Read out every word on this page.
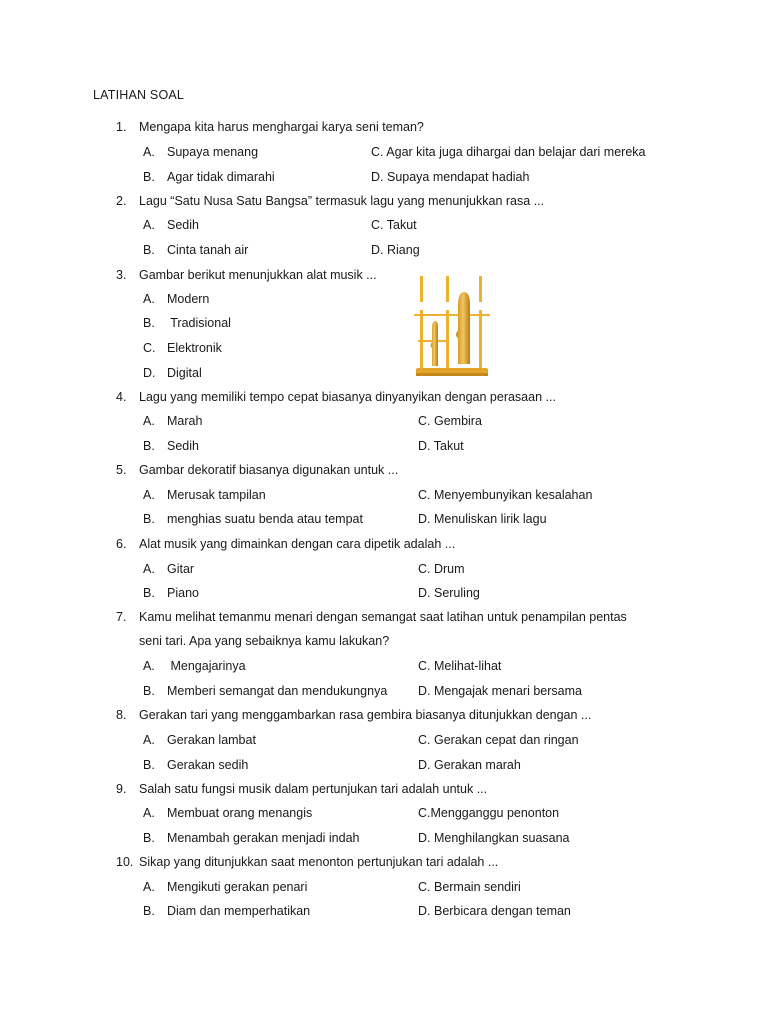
LATIHAN SOAL
1.	Mengapa kita harus menghargai karya seni teman?
A. Supaya menang	C. Agar kita juga dihargai dan belajar dari mereka
B. Agar tidak dimarahi	D. Supaya mendapat hadiah
2.	Lagu “Satu Nusa Satu Bangsa” termasuk lagu yang menunjukkan rasa ...
A. Sedih	C. Takut
B. Cinta tanah air	D. Riang
3.	Gambar berikut menunjukkan alat musik ...
A. Modern
B. Tradisional
C. Elektronik
D. Digital
4.	Lagu yang memiliki tempo cepat biasanya dinyanyikan dengan perasaan ...
A. Marah	C. Gembira
B. Sedih	D. Takut
5.	Gambar dekoratif biasanya digunakan untuk ...
A. Merusak tampilan	C. Menyembunyikan kesalahan
B. menghias suatu benda atau tempat	D. Menuliskan lirik lagu
6.	Alat musik yang dimainkan dengan cara dipetik adalah ...
A. Gitar	C. Drum
B. Piano	D. Seruling
7.	Kamu melihat temanmu menari dengan semangat saat latihan untuk penampilan pentas
seni tari. Apa yang sebaiknya kamu lakukan?
A. Mengajarinya	C. Melihat-lihat
B. Memberi semangat dan mendukungnya D. Mengajak menari bersama
8.	Gerakan tari yang menggambarkan rasa gembira biasanya ditunjukkan dengan ...
A. Gerakan lambat	C. Gerakan cepat dan ringan
B. Gerakan sedih	D. Gerakan marah
9.	Salah satu fungsi musik dalam pertunjukan tari adalah untuk ...
A. Membuat orang menangis	C.Mengganggu penonton
B. Menambah gerakan menjadi indah	D. Menghilangkan suasana
10. Sikap yang ditunjukkan saat menonton pertunjukan tari adalah ...
A. Mengikuti gerakan penari	C. Bermain sendiri
B. Diam dan memperhatikan	D. Berbicara dengan teman
